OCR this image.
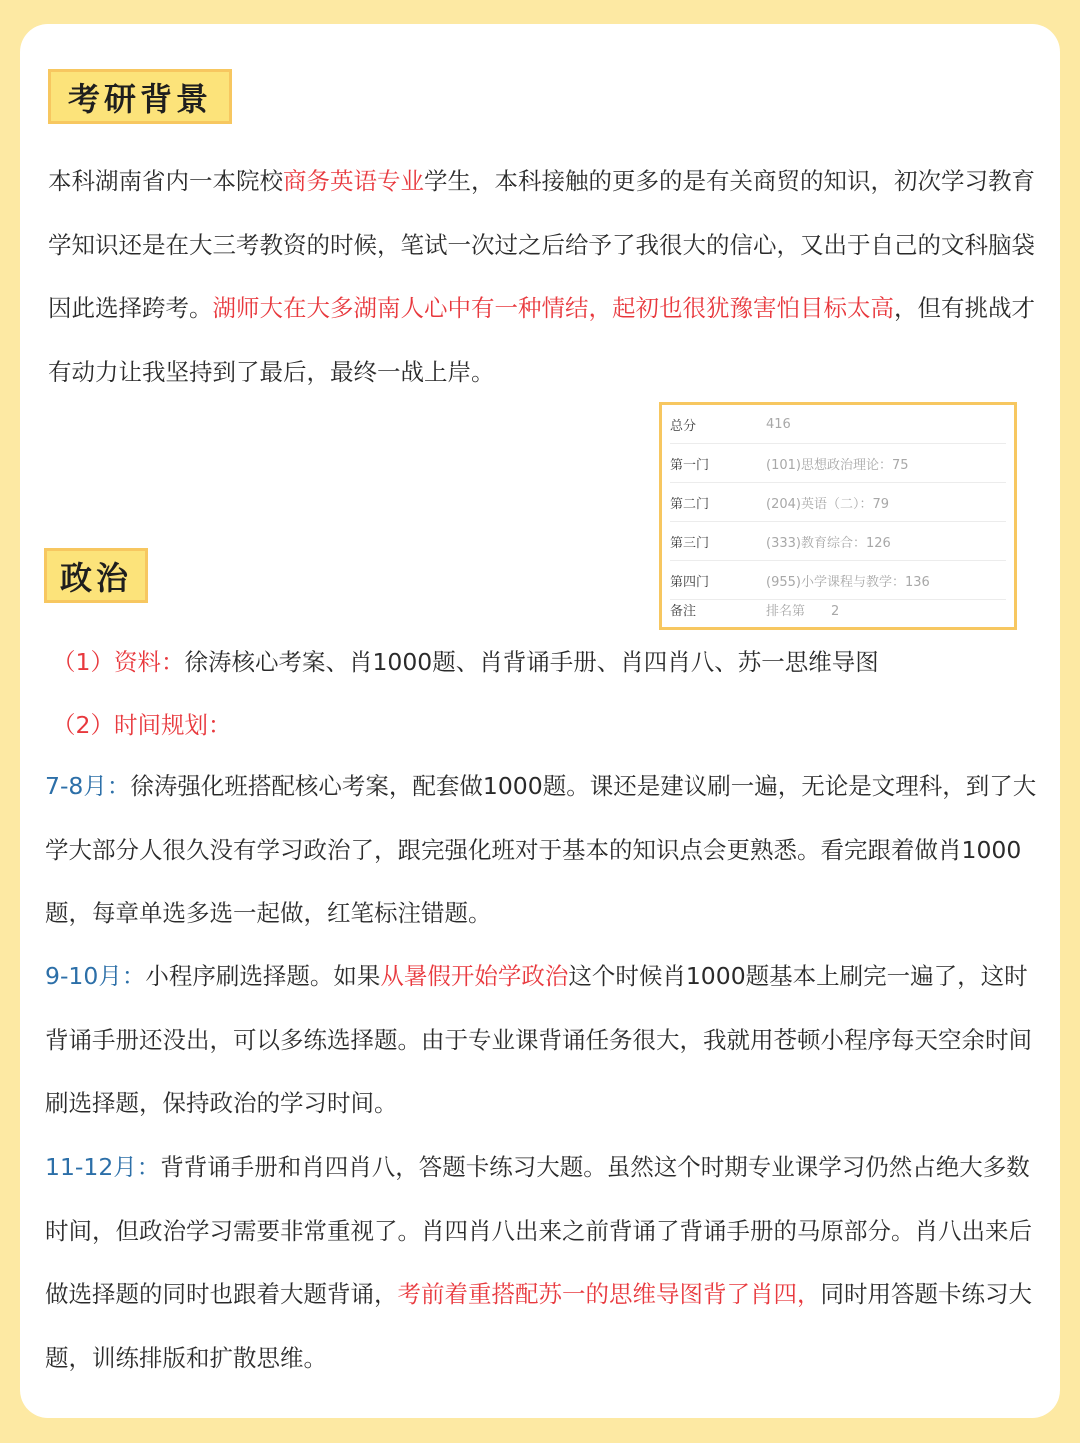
考研背景

本科湖南省内一本院校商务英语专业学生，本科接触的更多的是有关商贸的知识，初次学习教育学知识还是在大三考教资的时候，笔试一次过之后给予了我很大的信心，又出于自己的文科脑袋因此选择跨考。湖师大在大多湖南人心中有一种情结，起初也很犹豫害怕目标太高，但有挑战才有动力让我坚持到了最后，最终一战上岸。

总分	416
第一门	(101)思想政治理论：75
第二门	(204)英语（二）：79
第三门	(333)教育综合：126
第四门	(955)小学课程与教学：136
备注	排名第　　2
政治
（1）资料：徐涛核心考案、肖1000题、肖背诵手册、肖四肖八、苏一思维导图
（2）时间规划：

7-8月：徐涛强化班搭配核心考案，配套做1000题。课还是建议刷一遍，无论是文理科，到了大学大部分人很久没有学习政治了，跟完强化班对于基本的知识点会更熟悉。看完跟着做肖1000题，每章单选多选一起做，红笔标注错题。

9-10月：小程序刷选择题。如果从暑假开始学政治这个时候肖1000题基本上刷完一遍了，这时背诵手册还没出，可以多练选择题。由于专业课背诵任务很大，我就用苍顿小程序每天空余时间刷选择题，保持政治的学习时间。

11-12月：背背诵手册和肖四肖八，答题卡练习大题。虽然这个时期专业课学习仍然占绝大多数时间，但政治学习需要非常重视了。肖四肖八出来之前背诵了背诵手册的马原部分。肖八出来后做选择题的同时也跟着大题背诵，考前着重搭配苏一的思维导图背了肖四，同时用答题卡练习大题，训练排版和扩散思维。
